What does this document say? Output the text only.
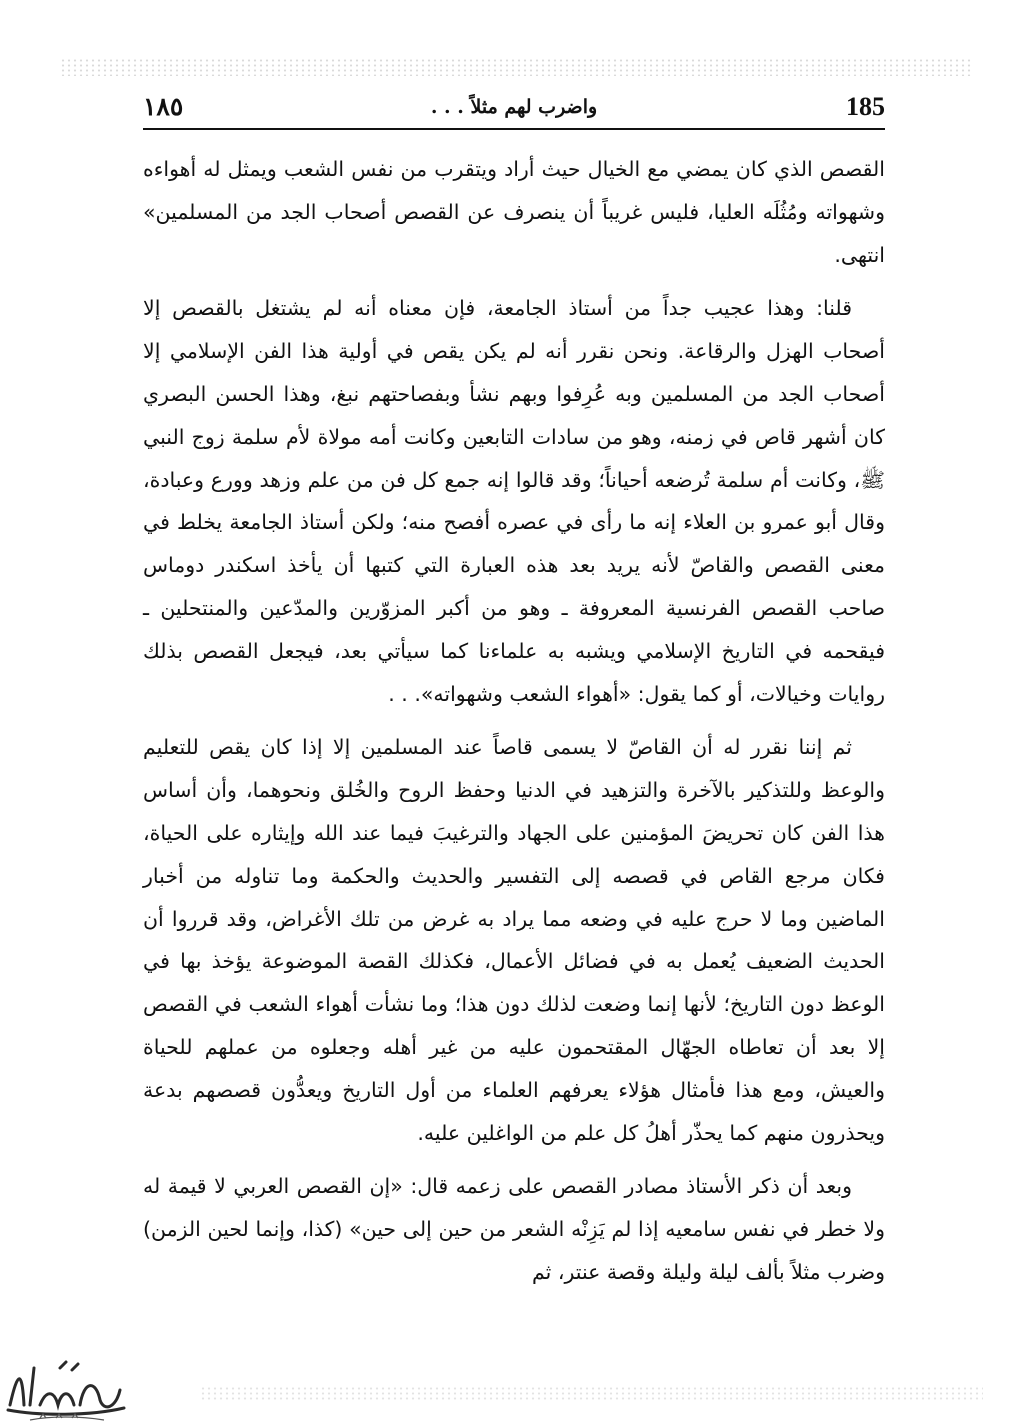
١٨٥	واضرب لهم مثلاً . . .	185

القصص الذي كان يمضي مع الخيال حيث أراد ويتقرب من نفس الشعب ويمثل له أهواءه وشهواته ومُثُلَه العليا، فليس غريباً أن ينصرف عن القصص أصحاب الجد من المسلمين» انتهى.

قلنا: وهذا عجيب جداً من أستاذ الجامعة، فإن معناه أنه لم يشتغل بالقصص إلا أصحاب الهزل والرقاعة. ونحن نقرر أنه لم يكن يقص في أولية هذا الفن الإسلامي إلا أصحاب الجد من المسلمين وبه عُرِفوا وبهم نشأ وبفصاحتهم نبغ، وهذا الحسن البصري كان أشهر قاص في زمنه، وهو من سادات التابعين وكانت أمه مولاة لأم سلمة زوج النبي ﷺ، وكانت أم سلمة تُرضعه أحياناً؛ وقد قالوا إنه جمع كل فن من علم وزهد وورع وعبادة، وقال أبو عمرو بن العلاء إنه ما رأى في عصره أفصح منه؛ ولكن أستاذ الجامعة يخلط في معنى القصص والقاصّ لأنه يريد بعد هذه العبارة التي كتبها أن يأخذ اسكندر دوماس صاحب القصص الفرنسية المعروفة ـ وهو من أكبر المزوّرين والمدّعين والمنتحلين ـ فيقحمه في التاريخ الإسلامي ويشبه به علماءنا كما سيأتي بعد، فيجعل القصص بذلك روايات وخيالات، أو كما يقول: «أهواء الشعب وشهواته». . .

ثم إننا نقرر له أن القاصّ لا يسمى قاصاً عند المسلمين إلا إذا كان يقص للتعليم والوعظ وللتذكير بالآخرة والتزهيد في الدنيا وحفظ الروح والخُلق ونحوهما، وأن أساس هذا الفن كان تحريضَ المؤمنين على الجهاد والترغيبَ فيما عند الله وإيثاره على الحياة، فكان مرجع القاص في قصصه إلى التفسير والحديث والحكمة وما تناوله من أخبار الماضين وما لا حرج عليه في وضعه مما يراد به غرض من تلك الأغراض، وقد قرروا أن الحديث الضعيف يُعمل به في فضائل الأعمال، فكذلك القصة الموضوعة يؤخذ بها في الوعظ دون التاريخ؛ لأنها إنما وضعت لذلك دون هذا؛ وما نشأت أهواء الشعب في القصص إلا بعد أن تعاطاه الجهّال المقتحمون عليه من غير أهله وجعلوه من عملهم للحياة والعيش، ومع هذا فأمثال هؤلاء يعرفهم العلماء من أول التاريخ ويعدُّون قصصهم بدعة ويحذرون منهم كما يحذّر أهلُ كل علم من الواغلين عليه.

وبعد أن ذكر الأستاذ مصادر القصص على زعمه قال: «إن القصص العربي لا قيمة له ولا خطر في نفس سامعيه إذا لم يَزِنْه الشعر من حين إلى حين» (كذا، وإنما لحين الزمن) وضرب مثلاً بألف ليلة وليلة وقصة عنتر، ثم
